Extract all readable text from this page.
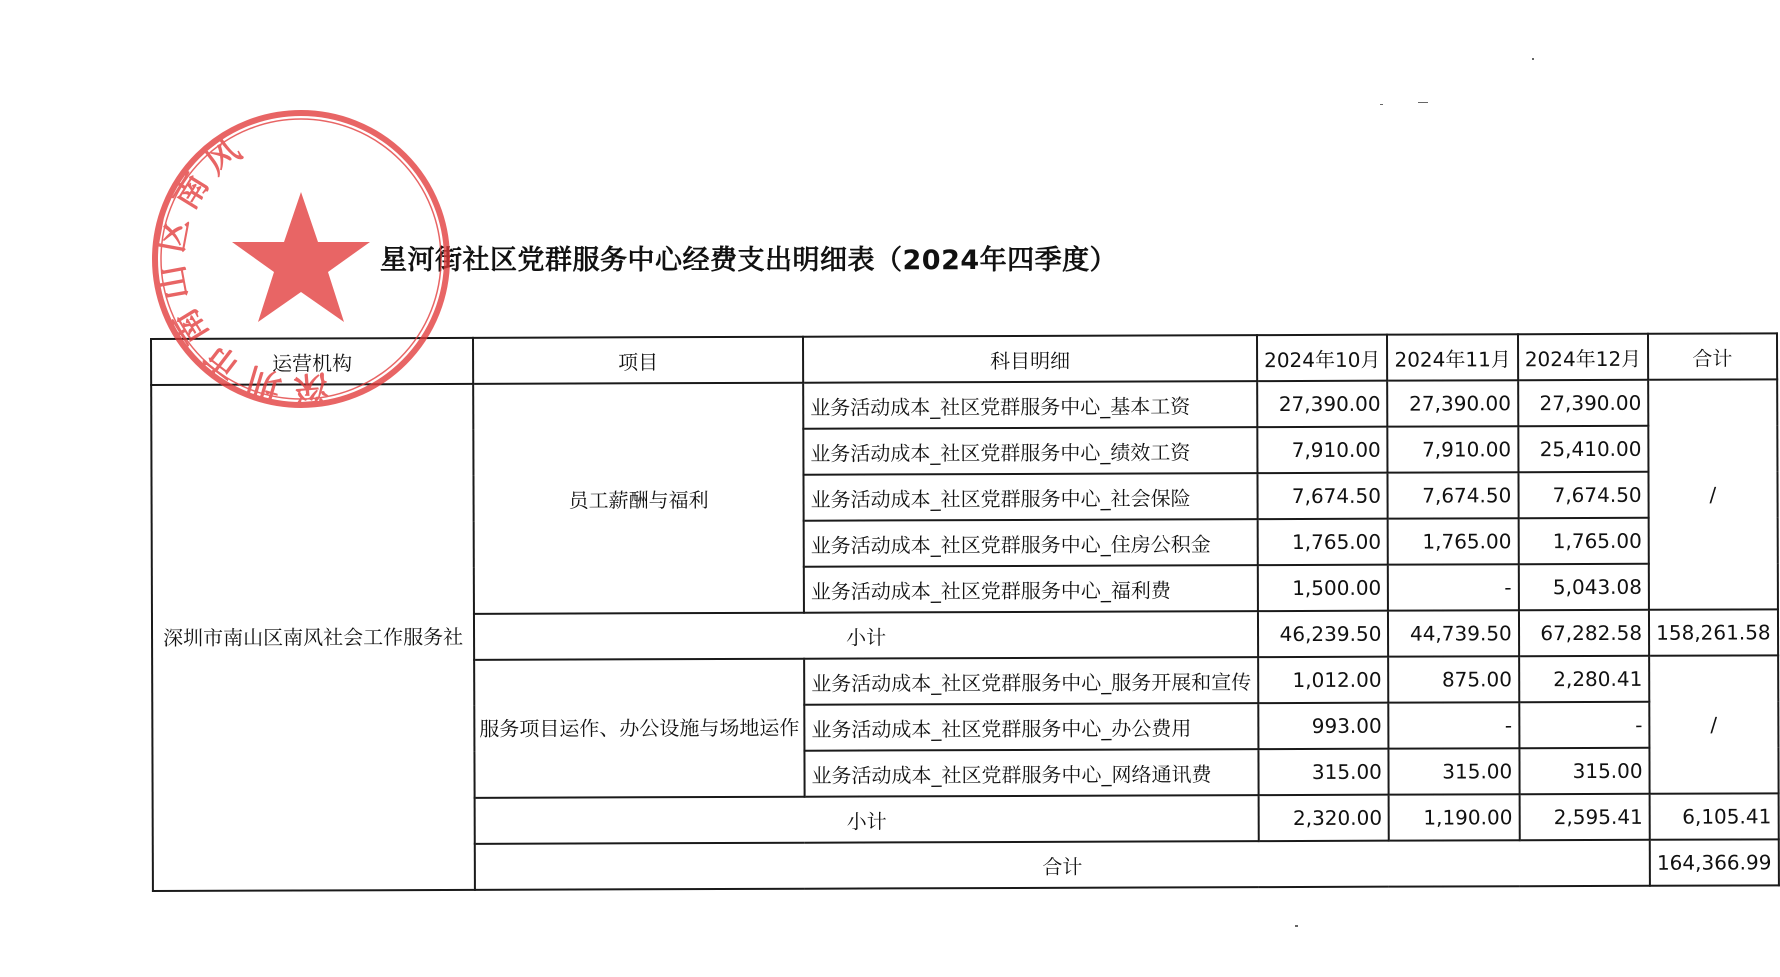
星河街社区党群服务中心经费支出明细表（2024年四季度）
运营机构	项目	科目明细	2024年10月	2024年11月	2024年12月	合计
深圳市南山区南风社会工作服务社	员工薪酬与福利	业务活动成本_社区党群服务中心_基本工资	27,390.00	27,390.00	27,390.00	/
		业务活动成本_社区党群服务中心_绩效工资	7,910.00	7,910.00	25,410.00	
		业务活动成本_社区党群服务中心_社会保险	7,674.50	7,674.50	7,674.50	
		业务活动成本_社区党群服务中心_住房公积金	1,765.00	1,765.00	1,765.00	
		业务活动成本_社区党群服务中心_福利费	1,500.00	-	5,043.08	
	小计		46,239.50	44,739.50	67,282.58	158,261.58
	服务项目运作、办公设施与场地运作	业务活动成本_社区党群服务中心_服务开展和宣传	1,012.00	875.00	2,280.41	/
		业务活动成本_社区党群服务中心_办公费用	993.00	-	-	
		业务活动成本_社区党群服务中心_网络通讯费	315.00	315.00	315.00	
	小计		2,320.00	1,190.00	2,595.41	6,105.41
	合计					164,366.99
深圳市南山区南风社会工作服务社
